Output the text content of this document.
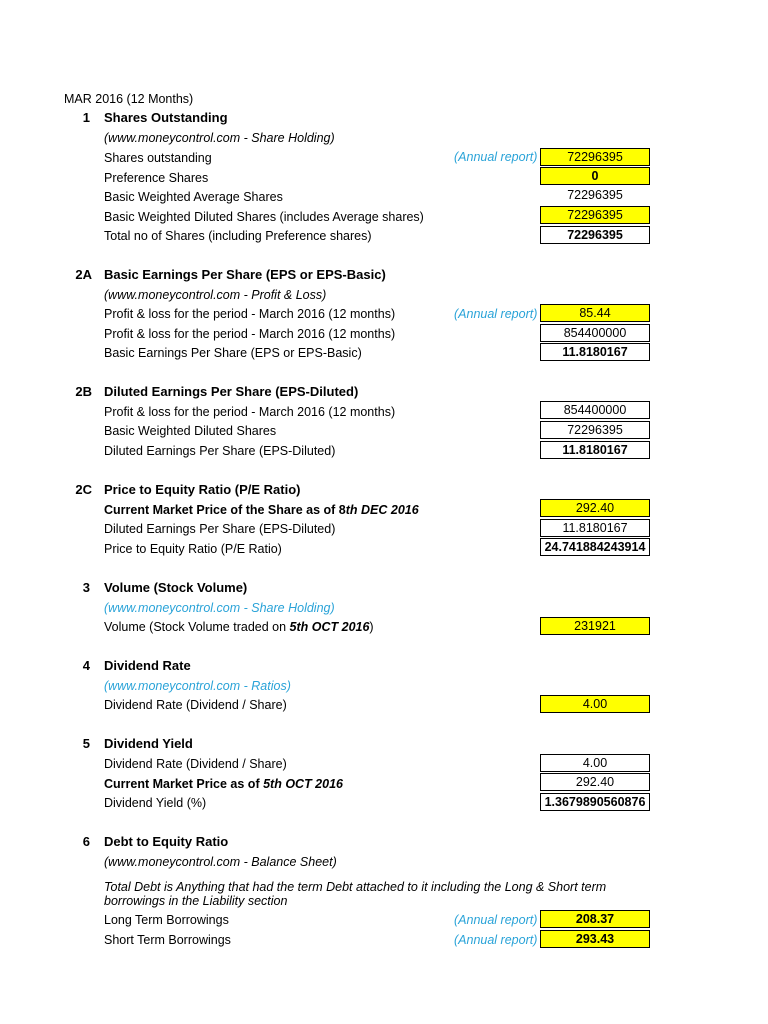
MAR 2016 (12 Months)
1 Shares Outstanding
(www.moneycontrol.com - Share Holding)
Shares outstanding	(Annual report)	72296395
Preference Shares	0
Basic Weighted Average Shares	72296395
Basic Weighted Diluted Shares (includes Average shares)	72296395
Total no of Shares (including Preference shares)	72296395
2A Basic Earnings Per Share (EPS or EPS-Basic)
(www.moneycontrol.com - Profit & Loss)
Profit & loss for the period - March 2016 (12 months)	(Annual report)	85.44
Profit & loss for the period - March 2016 (12 months)	854400000
Basic Earnings Per Share (EPS or EPS-Basic)	11.8180167
2B Diluted Earnings Per Share (EPS-Diluted)
Profit & loss for the period - March 2016 (12 months)	854400000
Basic Weighted Diluted Shares	72296395
Diluted Earnings Per Share (EPS-Diluted)	11.8180167
2C Price to Equity Ratio (P/E Ratio)
Current Market Price of the Share as of 8th DEC 2016	292.40
Diluted Earnings Per Share (EPS-Diluted)	11.8180167
Price to Equity Ratio (P/E Ratio)	24.741884243914
3 Volume (Stock Volume)
(www.moneycontrol.com - Share Holding)
Volume (Stock Volume traded on 5th OCT 2016)	231921
4 Dividend Rate
(www.moneycontrol.com - Ratios)
Dividend Rate (Dividend / Share)	4.00
5 Dividend Yield
Dividend Rate (Dividend / Share)	4.00
Current Market Price as of 5th OCT 2016	292.40
Dividend Yield (%)	1.3679890560876
6 Debt to Equity Ratio
(www.moneycontrol.com - Balance Sheet)
Total Debt is Anything that had the term Debt attached to it including the Long & Short term borrowings in the Liability section
Long Term Borrowings	(Annual report)	208.37
Short Term Borrowings	(Annual report)	293.43
